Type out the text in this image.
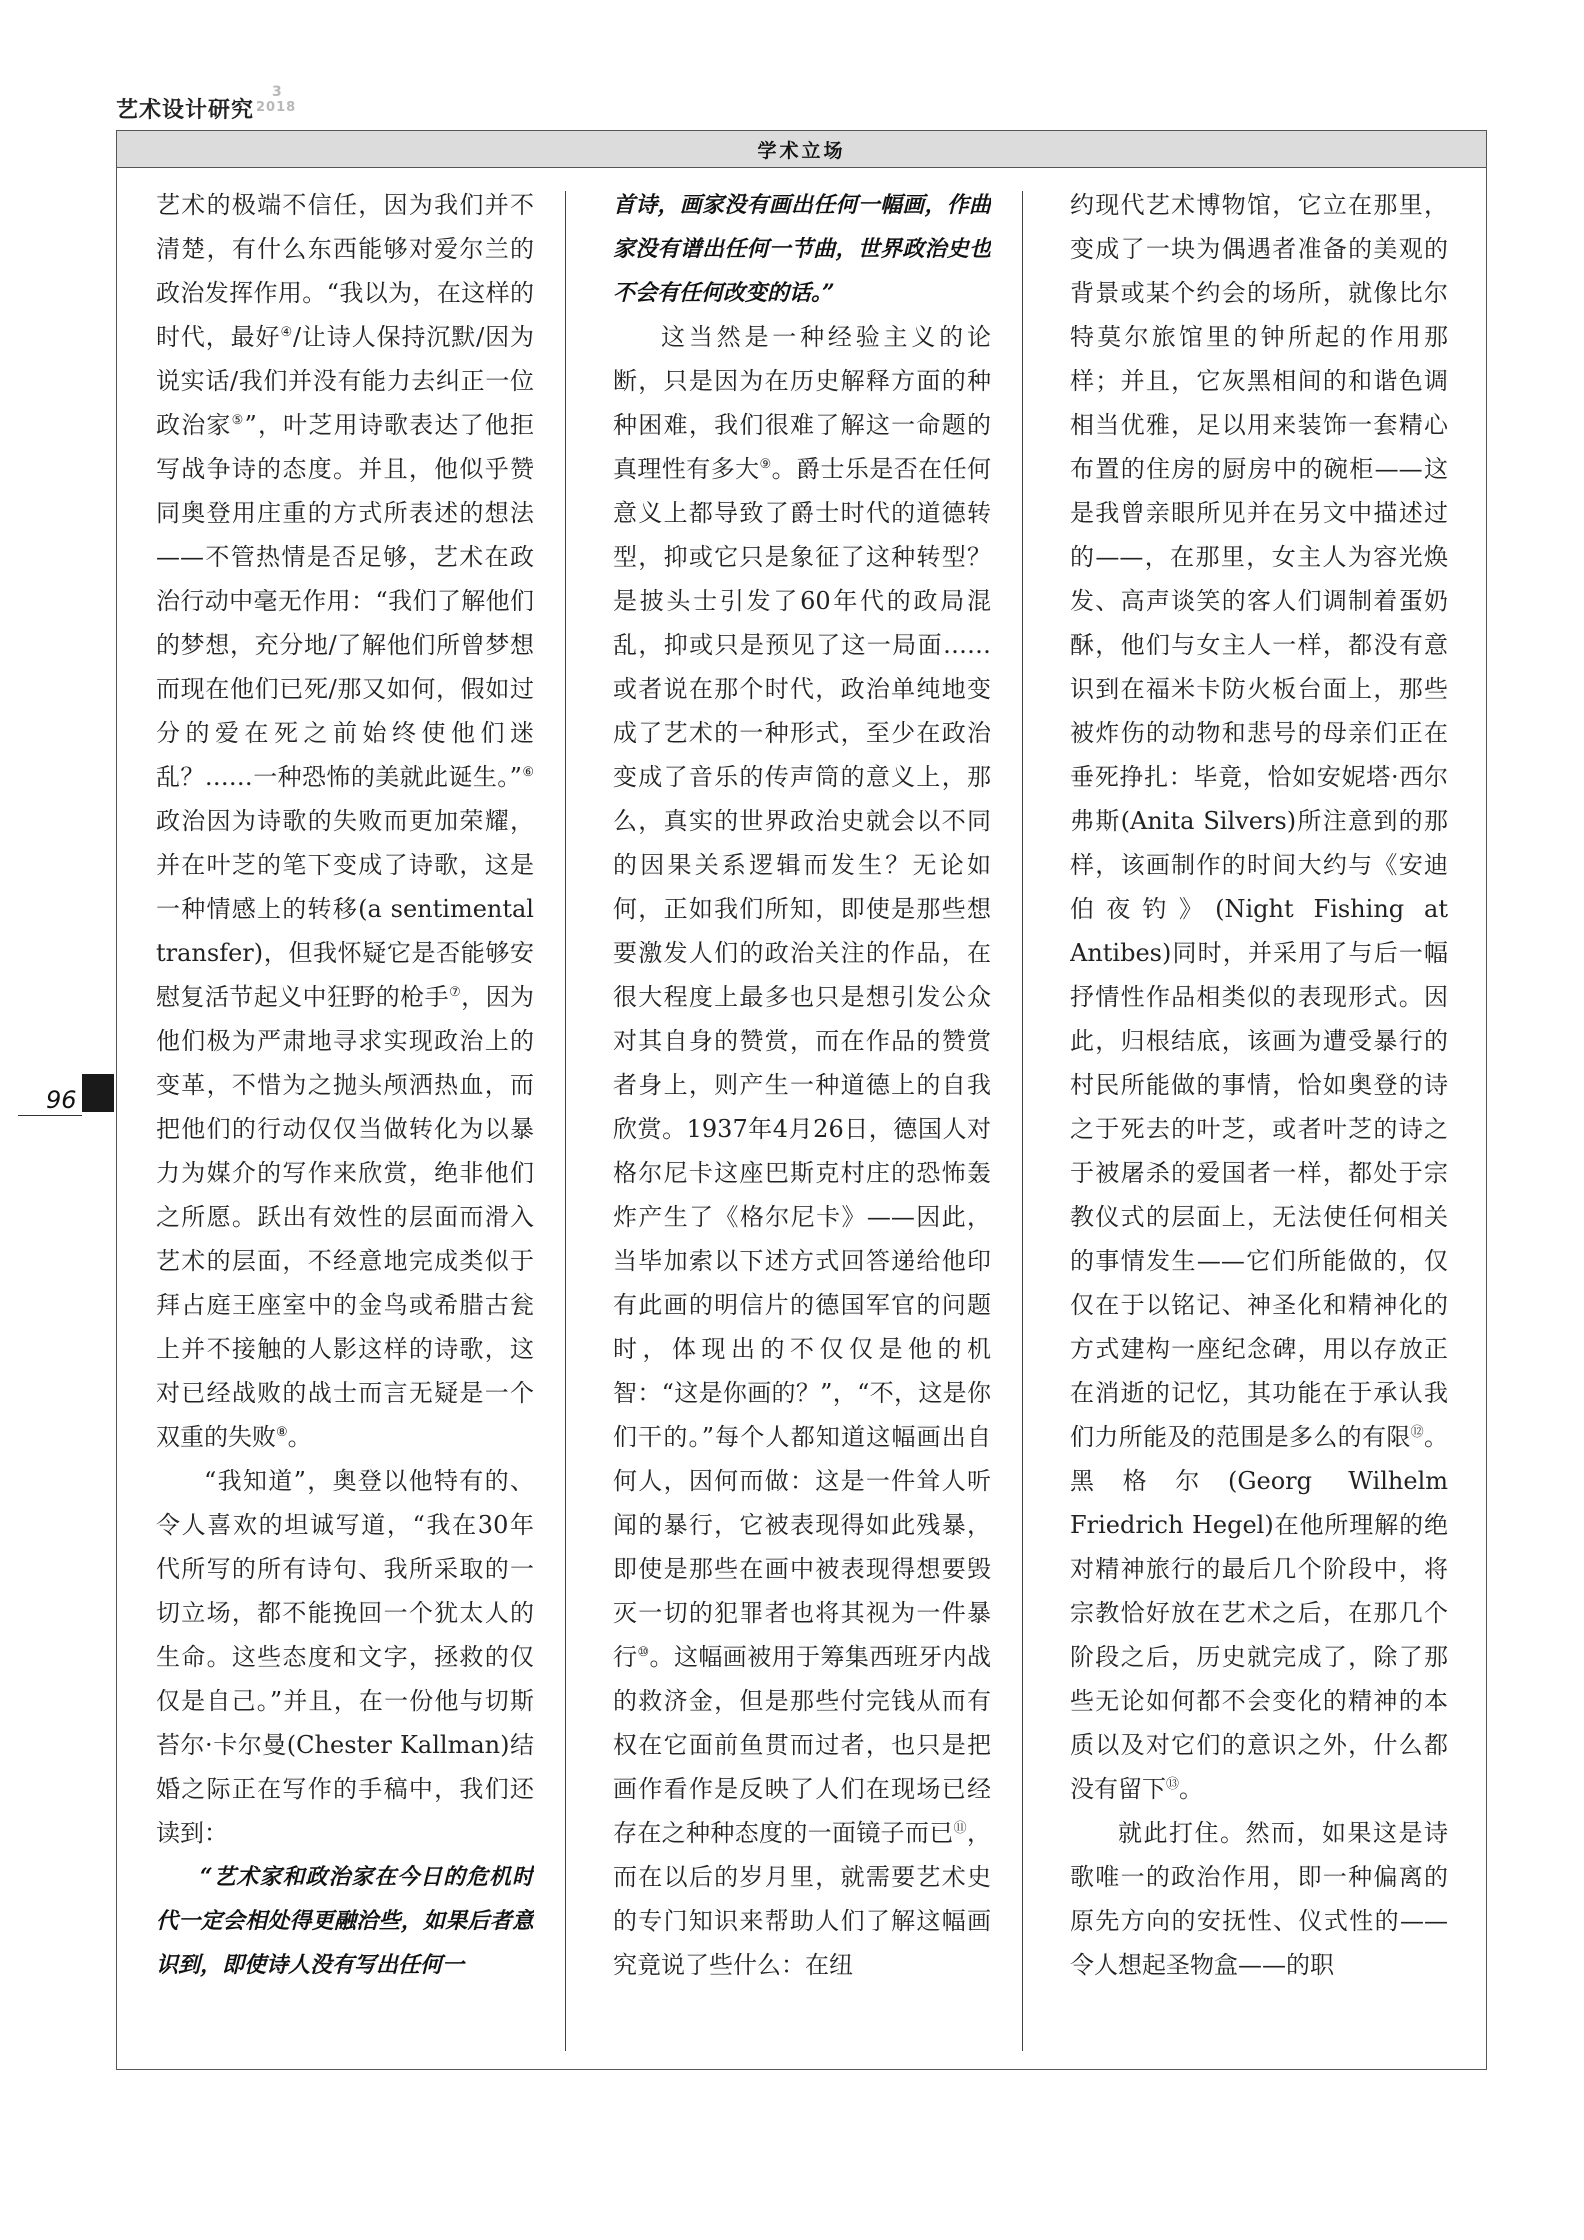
艺术设计研究
3
2018
学术立场

艺术的极端不信任，因为我们并不清楚，有什么东西能够对爱尔兰的政治发挥作用。“我以为，在这样的时代，最好④/让诗人保持沉默/因为说实话/我们并没有能力去纠正一位政治家⑤”，叶芝用诗歌表达了他拒写战争诗的态度。并且，他似乎赞同奥登用庄重的方式所表述的想法——不管热情是否足够，艺术在政治行动中毫无作用：“我们了解他们的梦想，充分地/了解他们所曾梦想而现在他们已死/那又如何，假如过分的爱在死之前始终使他们迷乱？……一种恐怖的美就此诞生。”⑥政治因为诗歌的失败而更加荣耀，并在叶芝的笔下变成了诗歌，这是一种情感上的转移(a sentimental transfer)，但我怀疑它是否能够安慰复活节起义中狂野的枪手⑦，因为他们极为严肃地寻求实现政治上的变革，不惜为之抛头颅洒热血，而把他们的行动仅仅当做转化为以暴力为媒介的写作来欣赏，绝非他们之所愿。跃出有效性的层面而滑入艺术的层面，不经意地完成类似于拜占庭王座室中的金鸟或希腊古瓮上并不接触的人影这样的诗歌，这对已经战败的战士而言无疑是一个双重的失败⑧。

“我知道”，奥登以他特有的、令人喜欢的坦诚写道，“我在30年代所写的所有诗句、我所采取的一切立场，都不能挽回一个犹太人的生命。这些态度和文字，拯救的仅仅是自己。”并且，在一份他与切斯苔尔·卡尔曼(Chester Kallman)结婚之际正在写作的手稿中，我们还读到：

“艺术家和政治家在今日的危机时代一定会相处得更融洽些，如果后者意识到，即使诗人没有写出任何一

首诗，画家没有画出任何一幅画，作曲家没有谱出任何一节曲，世界政治史也不会有任何改变的话。”

这当然是一种经验主义的论断，只是因为在历史解释方面的种种困难，我们很难了解这一命题的真理性有多大⑨。爵士乐是否在任何意义上都导致了爵士时代的道德转型，抑或它只是象征了这种转型？是披头士引发了60年代的政局混乱，抑或只是预见了这一局面……或者说在那个时代，政治单纯地变成了艺术的一种形式，至少在政治变成了音乐的传声筒的意义上，那么，真实的世界政治史就会以不同的因果关系逻辑而发生？无论如何，正如我们所知，即使是那些想要激发人们的政治关注的作品，在很大程度上最多也只是想引发公众对其自身的赞赏，而在作品的赞赏者身上，则产生一种道德上的自我欣赏。1937年4月26日，德国人对格尔尼卡这座巴斯克村庄的恐怖轰炸产生了《格尔尼卡》——因此，当毕加索以下述方式回答递给他印有此画的明信片的德国军官的问题时，体现出的不仅仅是他的机智：“这是你画的？”，“不，这是你们干的。”每个人都知道这幅画出自何人，因何而做：这是一件耸人听闻的暴行，它被表现得如此残暴，即使是那些在画中被表现得想要毁灭一切的犯罪者也将其视为一件暴行⑩。这幅画被用于筹集西班牙内战的救济金，但是那些付完钱从而有权在它面前鱼贯而过者，也只是把画作看作是反映了人们在现场已经存在之种种态度的一面镜子而已⑪，而在以后的岁月里，就需要艺术史的专门知识来帮助人们了解这幅画究竟说了些什么：在纽

约现代艺术博物馆，它立在那里，变成了一块为偶遇者准备的美观的背景或某个约会的场所，就像比尔特莫尔旅馆里的钟所起的作用那样；并且，它灰黑相间的和谐色调相当优雅，足以用来装饰一套精心布置的住房的厨房中的碗柜——这是我曾亲眼所见并在另文中描述过的——，在那里，女主人为容光焕发、高声谈笑的客人们调制着蛋奶酥，他们与女主人一样，都没有意识到在福米卡防火板台面上，那些被炸伤的动物和悲号的母亲们正在垂死挣扎：毕竟，恰如安妮塔·西尔弗斯(Anita Silvers)所注意到的那样，该画制作的时间大约与《安迪伯夜钓》(Night Fishing at Antibes)同时，并采用了与后一幅抒情性作品相类似的表现形式。因此，归根结底，该画为遭受暴行的村民所能做的事情，恰如奥登的诗之于死去的叶芝，或者叶芝的诗之于被屠杀的爱国者一样，都处于宗教仪式的层面上，无法使任何相关的事情发生——它们所能做的，仅仅在于以铭记、神圣化和精神化的方式建构一座纪念碑，用以存放正在消逝的记忆，其功能在于承认我们力所能及的范围是多么的有限⑫。黑格尔(Georg Wilhelm Friedrich Hegel)在他所理解的绝对精神旅行的最后几个阶段中，将宗教恰好放在艺术之后，在那几个阶段之后，历史就完成了，除了那些无论如何都不会变化的精神的本质以及对它们的意识之外，什么都没有留下⑬。

就此打住。然而，如果这是诗歌唯一的政治作用，即一种偏离的原先方向的安抚性、仪式性的——令人想起圣物盒——的职

96
